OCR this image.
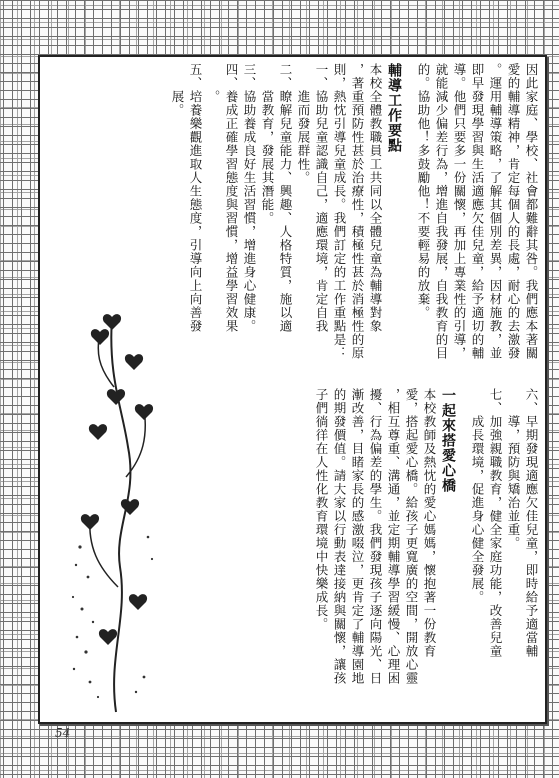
因此家庭、學校、社會都難辭其咎。我們應本著關
愛的輔導精神，肯定每個人的長處，耐心的去激發
。運用輔導策略，了解其個別差異，因材施教，並
即早發現學習與生活適應欠佳兒童，給予適切的輔
導。他們只要多一份關懷，再加上專業性的引導，
就能減少偏差行為，增進自我發展，自我教育的目
的。協助他！多鼓勵他！不要輕易的放棄。
輔導工作要點
本校全體教職員工共同以全體兒童為輔導對象
，著重預防性甚於治療性，積極性甚於消極性的原
則，熱忱引導兒童成長。我們訂定的工作重點是：
一、協助兒童認識自己，適應環境，肯定自我
　　進而發展群性。
二、瞭解兒童能力、興趣、人格特質，施以適
　　當教育，發展其潛能。
三、協助養成良好生活習慣，增進身心健康。
四、養成正確學習態度與習慣，增益學習效果
　　。
五、培養樂觀進取人生態度，引導向上向善發
　　展。
六、早期發現適應欠佳兒童，即時給予適當輔
　　導，預防與矯治並重。
七、加強親職教育，健全家庭功能，改善兒童
　　成長環境，促進身心健全發展。
一起來搭愛心橋
本校教師及熱忱的愛心媽媽，懷抱著一份教育
愛，搭起愛心橋。給孩子更寬廣的空間，開放心靈
，相互尊重、溝通，並定期輔導學習緩慢、心理困
擾、行為偏差的學生。我們發現孩子逐向陽光、日
漸改善，目睹家長的感激啜泣，更肯定了輔導園地
的期發價值。請大家以行動表達接納與關懷，讓孩
子們徜徉在人性化教育環境中快樂成長。
54
